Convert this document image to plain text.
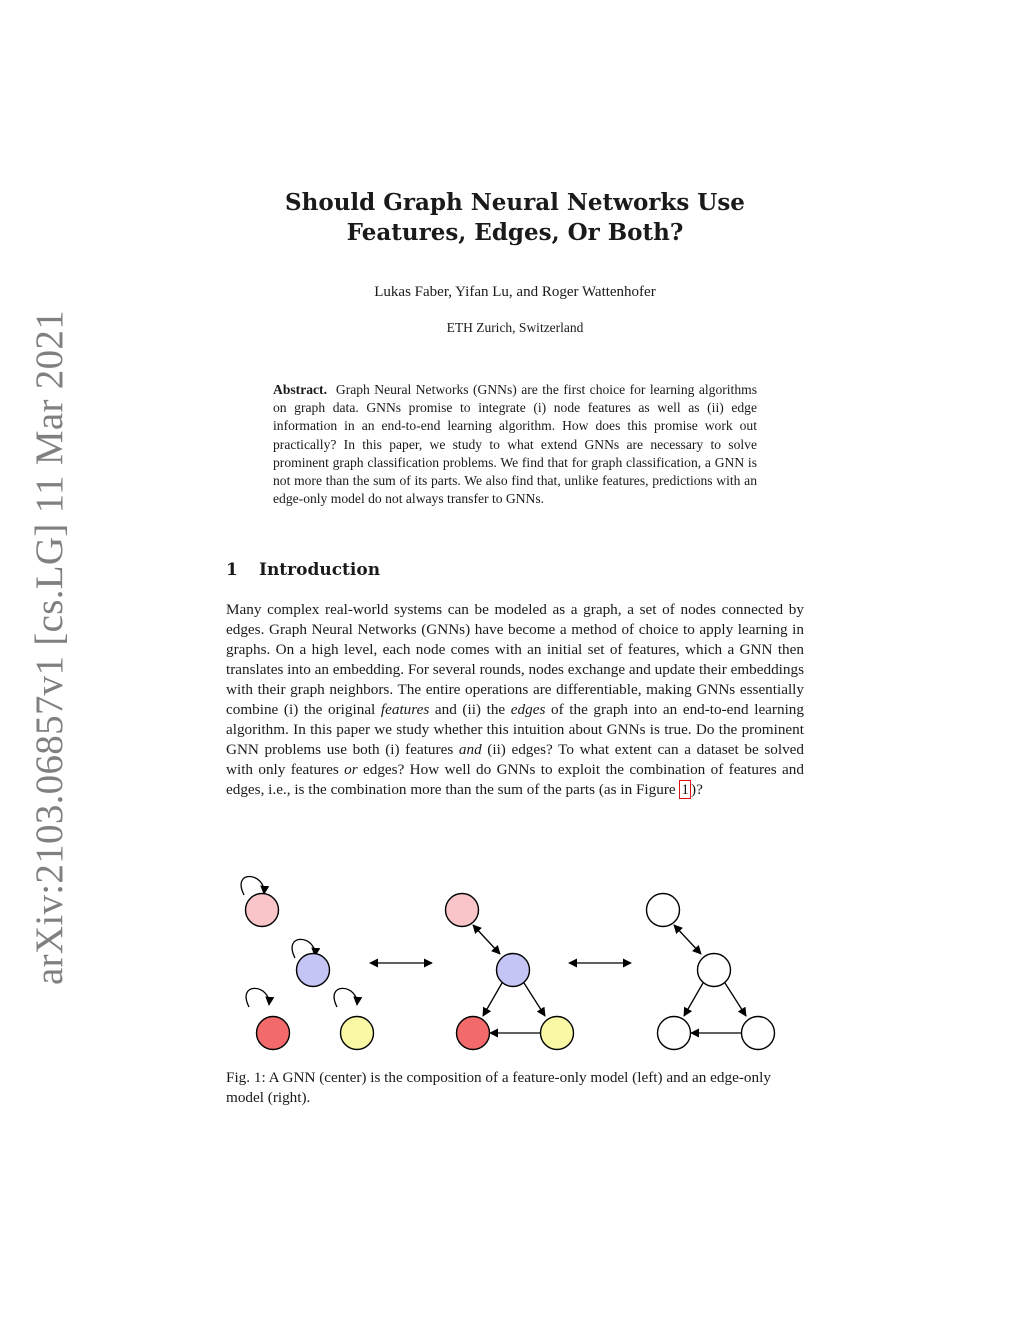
arXiv:2103.06857v1 [cs.LG] 11 Mar 2021
Should Graph Neural Networks Use
Features, Edges, Or Both?
Lukas Faber, Yifan Lu, and Roger Wattenhofer
ETH Zurich, Switzerland
Abstract. Graph Neural Networks (GNNs) are the first choice for learning algorithms on graph data. GNNs promise to integrate (i) node features as well as (ii) edge information in an end-to-end learning algorithm. How does this promise work out practically? In this paper, we study to what extend GNNs are necessary to solve prominent graph classification problems. We find that for graph classification, a GNN is not more than the sum of its parts. We also find that, unlike features, predictions with an edge-only model do not always transfer to GNNs.
1 Introduction
Many complex real-world systems can be modeled as a graph, a set of nodes connected by edges. Graph Neural Networks (GNNs) have become a method of choice to apply learning in graphs. On a high level, each node comes with an initial set of features, which a GNN then translates into an embedding. For several rounds, nodes exchange and update their embeddings with their graph neighbors. The entire operations are differentiable, making GNNs essentially combine (i) the original features and (ii) the edges of the graph into an end-to-end learning algorithm. In this paper we study whether this intuition about GNNs is true. Do the prominent GNN problems use both (i) features and (ii) edges? To what extent can a dataset be solved with only features or edges? How well do GNNs to exploit the combination of features and edges, i.e., is the combination more than the sum of the parts (as in Figure 1 )?
Fig. 1: A GNN (center) is the composition of a feature-only model (left) and an edge-only model (right).
